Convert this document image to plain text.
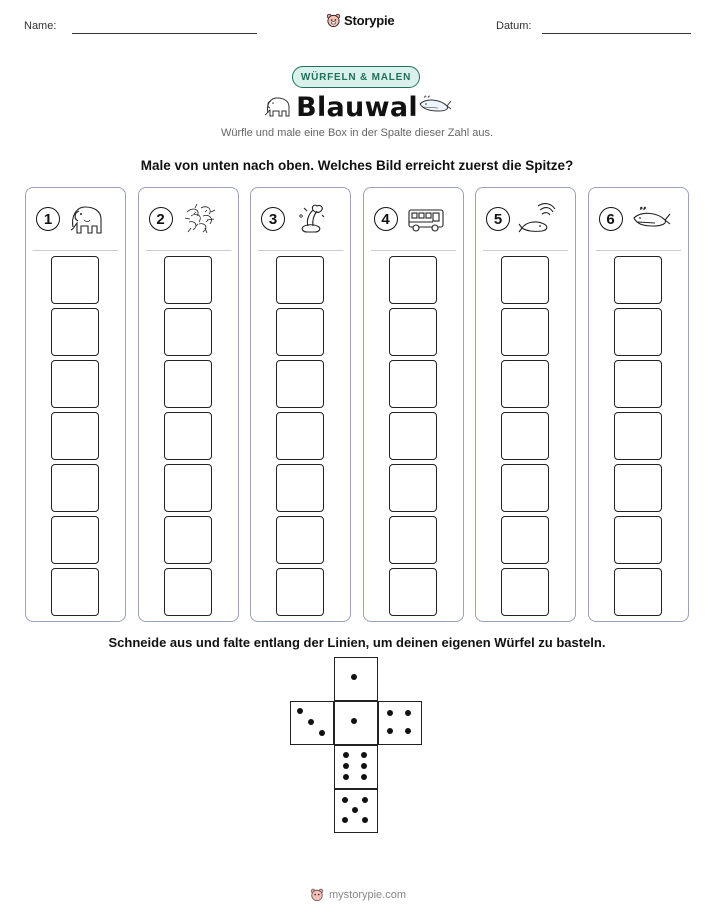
Name:	Storypie	Datum:
WÜRFELN & MALEN
Blauwal
Würfle und male eine Box in der Spalte dieser Zahl aus.
Male von unten nach oben. Welches Bild erreicht zuerst die Spitze?
1	2	3	4	5	6
Schneide aus und falte entlang der Linien, um deinen eigenen Würfel zu basteln.
mystorypie.com
